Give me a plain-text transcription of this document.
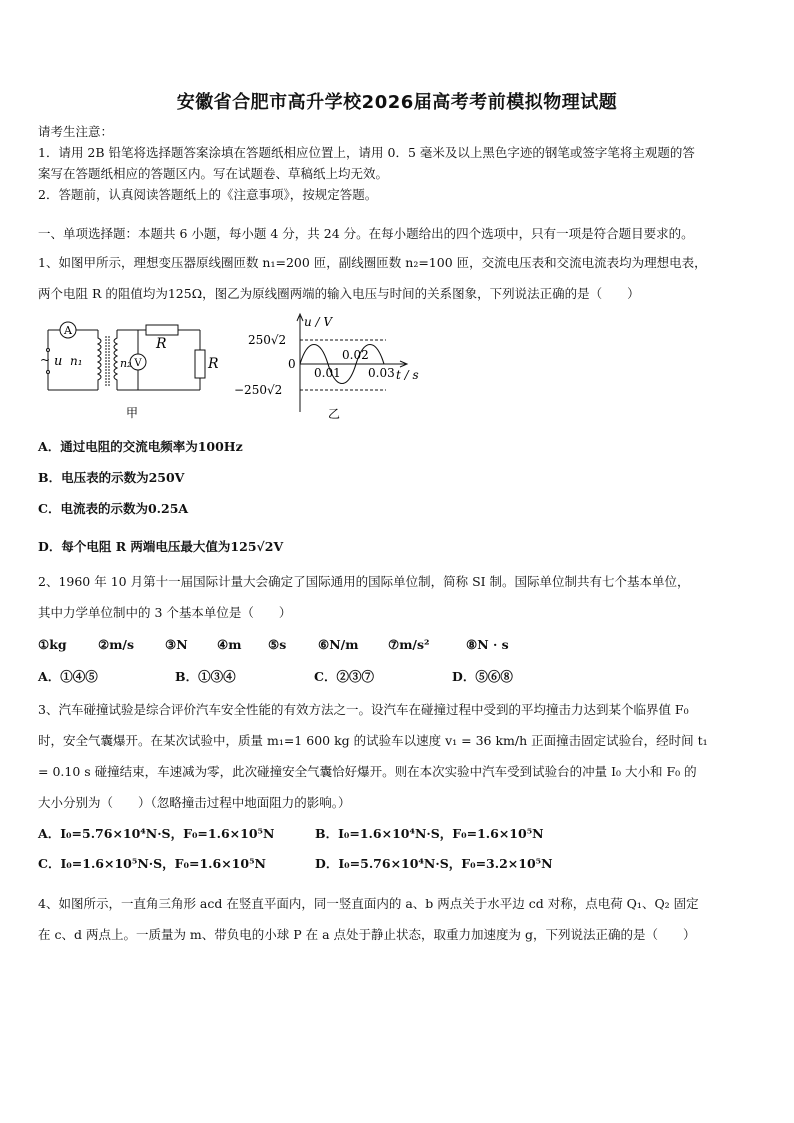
安徽省合肥市高升学校2026届高考考前模拟物理试题
请考生注意：
1．请用 2B 铅笔将选择题答案涂填在答题纸相应位置上，请用 0．5 毫米及以上黑色字迹的钢笔或签字笔将主观题的答
案写在答题纸相应的答题区内。写在试题卷、草稿纸上均无效。
2．答题前，认真阅读答题纸上的《注意事项》，按规定答题。
一、单项选择题：本题共 6 小题，每小题 4 分，共 24 分。在每小题给出的四个选项中，只有一项是符合题目要求的。
1、如图甲所示，理想变压器原线圈匝数 n₁=200 匝，副线圈匝数 n₂=100 匝，交流电压表和交流电流表均为理想电表，
两个电阻 R 的阻值均为125Ω，图乙为原线圈两端的输入电压与时间的关系图象，下列说法正确的是（　　）
A
V
~ u n₁	n₂
R
R
甲
u / V
t / s
250√2
−250√2
0
0.01
0.02
0.03
乙
A．通过电阻的交流电频率为100Hz
B．电压表的示数为250V
C．电流表的示数为0.25A
D．每个电阻 R 两端电压最大值为125√2V
2、1960 年 10 月第十一届国际计量大会确定了国际通用的国际单位制，简称 SI 制。国际单位制共有七个基本单位，
其中力学单位制中的 3 个基本单位是（　　）
①kg	②m/s ③N ④m ⑤s	⑥N/m ⑦m/s²	⑧N · s
A．①④⑤	B．①③④	C．②③⑦	D．⑤⑥⑧
3、汽车碰撞试验是综合评价汽车安全性能的有效方法之一。设汽车在碰撞过程中受到的平均撞击力达到某个临界值 F₀
时，安全气囊爆开。在某次试验中，质量 m₁=1 600 kg 的试验车以速度 v₁ = 36 km/h 正面撞击固定试验台，经时间 t₁
= 0.10 s 碰撞结束，车速减为零，此次碰撞安全气囊恰好爆开。则在本次实验中汽车受到试验台的冲量 I₀ 大小和 F₀ 的
大小分别为（　　）（忽略撞击过程中地面阻力的影响。）
A．I₀=5.76×10⁴N·S，F₀=1.6×10⁵N	B．I₀=1.6×10⁴N·S，F₀=1.6×10⁵N
C．I₀=1.6×10⁵N·S，F₀=1.6×10⁵N	D．I₀=5.76×10⁴N·S，F₀=3.2×10⁵N
4、如图所示，一直角三角形 acd 在竖直平面内，同一竖直面内的 a、b 两点关于水平边 cd 对称，点电荷 Q₁、Q₂ 固定
在 c、d 两点上。一质量为 m、带负电的小球 P 在 a 点处于静止状态，取重力加速度为 g，下列说法正确的是（　　）
